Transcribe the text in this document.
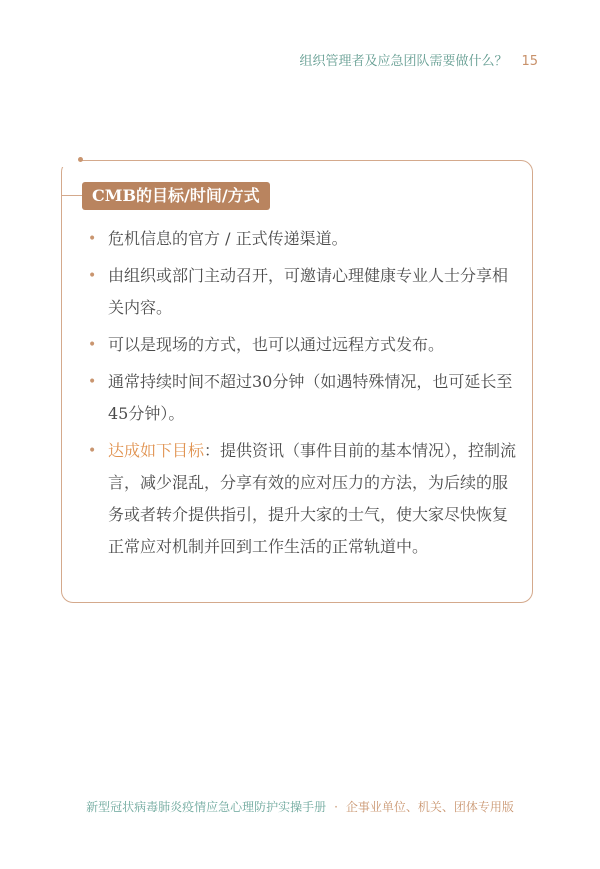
组织管理者及应急团队需要做什么？ 15
CMB的目标/时间/方式
• 危机信息的官方 / 正式传递渠道。
• 由组织或部门主动召开，可邀请心理健康专业人士分享相关内容。
• 可以是现场的方式，也可以通过远程方式发布。
• 通常持续时间不超过30分钟（如遇特殊情况，也可延长至45分钟）。
• 达成如下目标：提供资讯（事件目前的基本情况），控制流言，减少混乱，分享有效的应对压力的方法，为后续的服务或者转介提供指引，提升大家的士气，使大家尽快恢复正常应对机制并回到工作生活的正常轨道中。
新型冠状病毒肺炎疫情应急心理防护实操手册 · 企事业单位、机关、团体专用版
